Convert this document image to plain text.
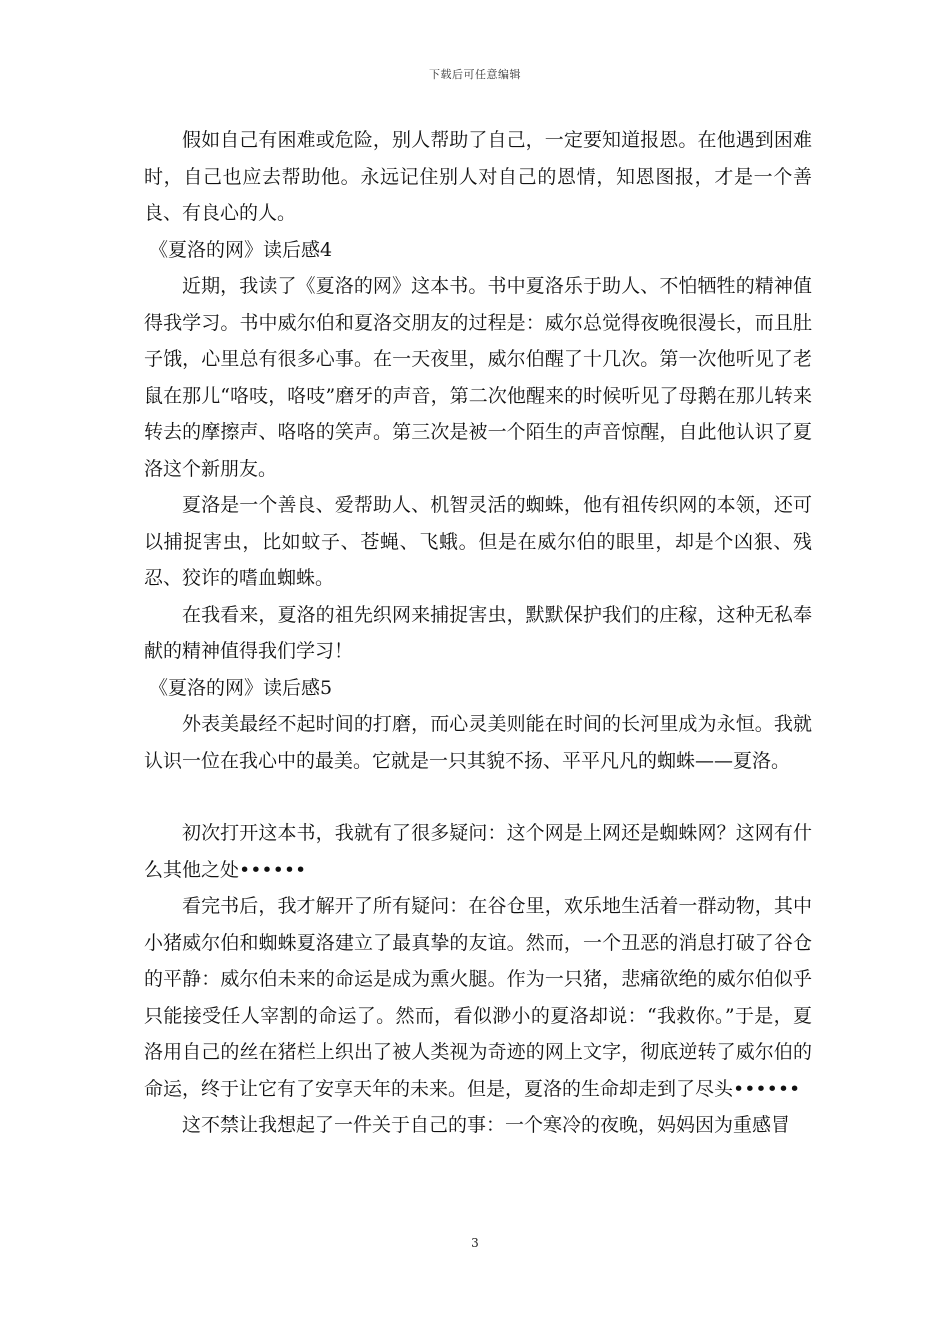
下载后可任意编辑

假如自己有困难或危险，别人帮助了自己，一定要知道报恩。在他遇到困难时，自己也应去帮助他。永远记住别人对自己的恩情，知恩图报，才是一个善良、有良心的人。

《夏洛的网》读后感4

近期，我读了《夏洛的网》这本书。书中夏洛乐于助人、不怕牺牲的精神值得我学习。书中威尔伯和夏洛交朋友的过程是：威尔总觉得夜晚很漫长，而且肚子饿，心里总有很多心事。在一天夜里，威尔伯醒了十几次。第一次他听见了老鼠在那儿“咯吱，咯吱”磨牙的声音，第二次他醒来的时候听见了母鹅在那儿转来转去的摩擦声、咯咯的笑声。第三次是被一个陌生的声音惊醒，自此他认识了夏洛这个新朋友。

夏洛是一个善良、爱帮助人、机智灵活的蜘蛛，他有祖传织网的本领，还可以捕捉害虫，比如蚊子、苍蝇、飞蛾。但是在威尔伯的眼里，却是个凶狠、残忍、狡诈的嗜血蜘蛛。

在我看来，夏洛的祖先织网来捕捉害虫，默默保护我们的庄稼，这种无私奉献的精神值得我们学习！

《夏洛的网》读后感5

外表美最经不起时间的打磨，而心灵美则能在时间的长河里成为永恒。我就认识一位在我心中的最美。它就是一只其貌不扬、平平凡凡的蜘蛛——夏洛。

初次打开这本书，我就有了很多疑问：这个网是上网还是蜘蛛网？这网有什么其他之处••••••

看完书后，我才解开了所有疑问：在谷仓里，欢乐地生活着一群动物，其中小猪威尔伯和蜘蛛夏洛建立了最真挚的友谊。然而，一个丑恶的消息打破了谷仓的平静：威尔伯未来的命运是成为熏火腿。作为一只猪，悲痛欲绝的威尔伯似乎只能接受任人宰割的命运了。然而，看似渺小的夏洛却说：“我救你。”于是，夏洛用自己的丝在猪栏上织出了被人类视为奇迹的网上文字，彻底逆转了威尔伯的命运，终于让它有了安享天年的未来。但是，夏洛的生命却走到了尽头••••••

这不禁让我想起了一件关于自己的事：一个寒冷的夜晚，妈妈因为重感冒

3
